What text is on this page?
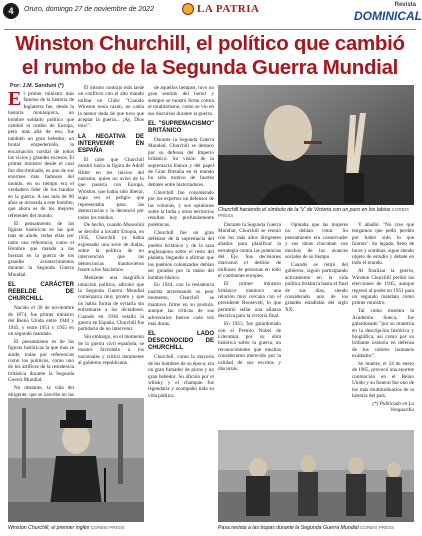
4	Oruro, domingo 27 de noviembre de 2022	LA PATRIA	Revista
DOMINICAL
Winston Churchill, el político que cambió
el rumbo de la Segunda Guerra Mundial
Por: J.M. Sanduni (*)

El primer ministro más famoso de la historia de Inglaterra fue, desde la historia monárquica, un hombre soldado político que cambió el rumbo de Europa, pero más allá de eso, fue también un gran bebedor, un brutal empedernido, la encarnación cordial de todos los vicios y grandes excesos. El primer ministro desde el cual fue discriminado, es uno de sus enormes más famosos del mundo, en su tiempo era el verdadero líder de los bandos en la guerra. A sus más de 90 años se recuerda a este hombre, que ahora es de los mejores referentes del mundo.

El pensamiento de las figuras históricas es las que más se alude, todas ellas por tanto una referencia, como el Hombre que mando a las fuerzas en la guerra de los grandes acontecimientos durante la Segunda Guerra Mundial.

EL CARÁCTER REBELDE DE CHURCHILL

Nacido el 30 de noviembre de 1874, fue primer ministro del Reino Unido entre 1940 y 1945, y entre 1951 y 1955 en un segundo mandato.

El pensamiento es de las figuras históricas la que más se alude, todas por referencias como los políticos, como uno de los artífices de la resistencia británica durante la Segunda Guerra Mundial.

No obstante, la vida del dirigente, que se inscribe en las

Él mismo contrajo más tarde un conflicto con el alto mando militar en Chile: "Cuando Winston tenía razón, no cabía la menor duda de que tuvo que aceptar la guerra... ¡Ay, Dios mío!".

LA NEGATIVA DE INTERVENIR EN ESPAÑA

El cabe que Churchill mostró hacia la figura de Adolf Hitler en los inicios del nazismo, quien no avisó de lo que pasaría con Europa. Winston, que había sido liberal, supo ver el peligro que representaba para las democracias y lo denunció por todos los medios.

De hecho, cuando Mussolini se decidió a invadir Etiopía, en 1935, Churchill ya había expresado una serie de dudas, sobre la política de no intervención que las democracias mantuvieron frente a los fascismos.

Mediante una magnífica intuición política, adivinó que la Segunda Guerra Mundial comenzaría muy pronto y que no había forma de evitarla sin enfrentarse a los dictadores. Cuando en 1936 estalló la guerra en España, Churchill fue partidario de no intervenir.

Sin embargo, en el momento de la guerra civil española, se mostró favorable a los nacionales y criticó duramente al gobierno republicano.

de aquellos tiempos, tuvo un gran sentido del honor y siempre se mostró firme contra el totalitarismo, como se vio en sus discursos durante la guerra.

EL "SUPREMACISMO" BRITÁNICO

Durante la Segunda Guerra Mundial, Churchill se destacó por su defensa del Imperio británico. Su visión de la supremacía blanca y del papel de Gran Bretaña en el mundo ha sido motivo de fuertes debates entre historiadores.

Churchill fue considerado por los expertos un defensor de las colonias, y sus opiniones sobre la India y otros territorios resultan hoy profundamente polémicas.

Churchill fue un gran defensor de la supremacía del pueblo británico y de la raza anglosajona sobre el resto del planeta, llegando a afirmar que los pueblos colonizados debían ser guiados por la mano del hombre blanco.

En 1944, con la resistencia nazista atravesando su peor momento, Churchill se mantuvo firme en su postura, aunque las críticas de sus adversarios fueron cada vez más duras.

EL LADO DESCONOCIDO DE CHURCHILL

Churchill, como la mayoría de los hombres de su época, era un gran fumador de puros y un gran bebedor. Su afición por el whisky y el champán fue legendaria y acompañó toda su vida pública.

Churchill haciendo el símbolo de la 'V' de Victoria con un puro en los labios CORBIS PRESS

Durante la Segunda Guerra Mundial, Churchill se reunió con los más altos dirigentes aliados para planificar la estrategia contra las potencias del Eje. Sus decisiones marcaron el destino de millones de personas en todo el continente europeo.

El primer ministro británico mantuvo una relación muy cercana con el presidente Roosevelt, lo que permitió sellar una alianza decisiva para la victoria final.

En 1953, fue galardonado con el Premio Nobel de Literatura por su obra histórica sobre la guerra, un reconocimiento que muchos consideraron merecido por la calidad de sus escritos y discursos.

Opinaba que las mujeres no debían votar. Su pensamiento era conservador y sus ideas chocaban con muchos de los avances sociales de su tiempo.

Cuando se retiró del gobierno, siguió participando activamente en la vida política británica hasta el final de sus días, siendo considerado uno de los grandes estadistas del siglo XX.

Y añadió: "No creo que tengamos que pedir perdón por haber sido lo que fuimos". Su legado, lleno de luces y sombras, sigue siendo objeto de estudio y debate en todo el mundo.

Al finalizar la guerra, Winston Churchill perdió las elecciones de 1945, aunque regresó al poder en 1951 para un segundo mandato como primer ministro.

Tal como muestra la Academia Sueca, fue galardonado "por su maestría en la descripción histórica y biográfica, así como por su brillante oratoria en defensa de los valores humanos exaltados".

Su muerte, el 24 de enero de 1965, provocó una enorme conmoción en el Reino Unido y su funeral fue uno de los más multitudinarios de la historia del país.

(*) Publicado en La Vanguardia

Winston Churchill, el premier inglés CORBIS PRESS	Pasa revista a las tropas durante la Segunda Guerra Mundial CORBIS PRESS
